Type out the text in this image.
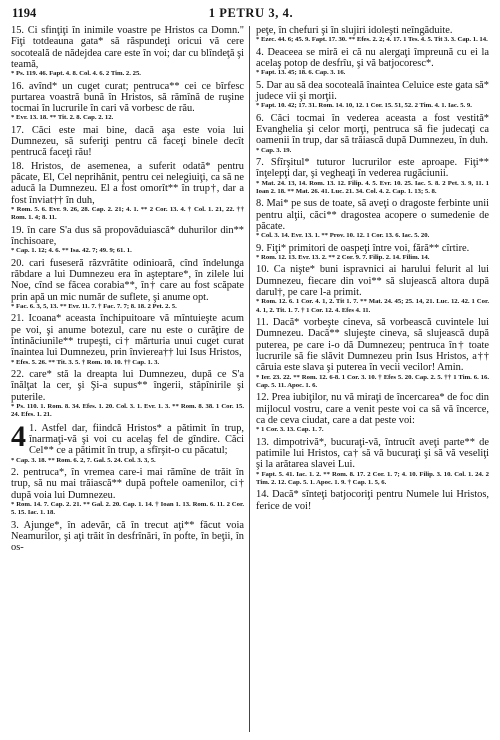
1194	1 PETRU 3, 4.
15. Ci sfinţiţi în inimile voastre pe Hristos ca Domn." Fiţi totdeauna gata* să răspundeţi oricui vă cere socoteală de nădejdea care este în voi; dar cu blîndeţă şi teamă,
* Ps. 119. 46. Fapt. 4. 8. Col. 4. 6. 2 Tim. 2. 25.
16. avînd* un cuget curat; pentruca** cei ce bîrfesc purtarea voastră bună în Hristos, să rămînă de ruşine tocmai în lucrurile în cari vă vorbesc de rău.
* Evr. 13. 18. ** Tit. 2. 8. Cap. 2. 12.
17. Căci este mai bine, dacă aşa este voia lui Dumnezeu, să suferiţi pentru că faceţi binele decît pentrucă faceţi rău!
18. Hristos, de asemenea, a suferit odată* pentru păcate, El, Cel neprihănit, pentru cei nelegiuiţi, ca să ne aducă la Dumnezeu. El a fost omorît** în trup†, dar a fost înviat†† în duh,
* Rom. 5. 6. Evr. 9. 26, 28. Cap. 2. 21; 4. 1. ** 2 Cor. 13. 4. † Col. 1. 21, 22. †† Rom. 1. 4; 8. 11.
19. în care S'a dus să propovăduiască* duhurilor din** închisoare,
* Cap. 1. 12; 4. 6. ** Isa. 42. 7; 49. 9; 61. 1.
20. cari fuseseră răzvrătite odinioară, cînd îndelunga răbdare a lui Dumnezeu era în aşteptare*, în zilele lui Noe, cînd se făcea corabia**, în† care au fost scăpate prin apă un mic număr de suflete, şi anume opt.
* Fac. 6. 3, 5, 13. ** Evr. 11. 7. † Fac. 7. 7; 8. 18. 2 Pet. 2. 5.
21. Icoana* aceasta închipuitoare vă mîntuieşte acum pe voi, şi anume botezul, care nu este o curăţire de întinăciunile** trupeşti, ci† mărturia unui cuget curat înaintea lui Dumnezeu, prin învierea†† lui Isus Hristos,
* Efes. 5. 26. ** Tit. 3. 5. † Rom. 10. 10. †† Cap. 1. 3.
22. care* stă la dreapta lui Dumnezeu, după ce S'a înălţat la cer, şi Şi-a supus** îngerii, stăpînirile şi puterile.
* Ps. 110. 1. Rom. 8. 34. Efes. 1. 20. Col. 3. 1. Evr. 1. 3. ** Rom. 8. 38. 1 Cor. 15. 24. Efes. 1. 21.
4 1. Astfel dar, fiindcă Hristos* a pătimit în trup, înarmaţi-vă şi voi cu acelaş fel de gîndire. Căci Cel** ce a pătimit în trup, a sfîrşit-o cu păcatul;
* Cap. 3. 18. ** Rom. 6. 2, 7. Gal. 5. 24. Col. 3. 3, 5.
2. pentruca*, în vremea care-i mai rămîne de trăit în trup, să nu mai trăiască** după poftele oamenilor, ci† după voia lui Dumnezeu.
* Rom. 14. 7. Cap. 2. 21. ** Gal. 2. 20. Cap. 1. 14. † Ioan 1. 13. Rom. 6. 11. 2 Cor. 5. 15. Iac. 1. 18.
3. Ajunge*, în adevăr, că în trecut aţi** făcut voia Neamurilor, şi aţi trăit în desfrînări, în pofte, în beţii, în os-
peţe, în chefuri şi în slujiri idoleşti neîngăduite.
* Ezec. 44. 6; 45. 9. Fapt. 17. 30. ** Efes. 2. 2; 4. 17. 1 Tes. 4. 5. Tit 3. 3. Cap. 1. 14.
4. Deaceea se miră ei că nu alergaţi împreună cu ei la acelaş potop de desfrîu, şi vă batjocoresc*.
* Fapt. 13. 45; 18. 6. Cap. 3. 16.
5. Dar au să dea socoteală înaintea Celuice este gata să* judece vii şi morţii.
* Fapt. 10. 42; 17. 31. Rom. 14. 10, 12. 1 Cor. 15. 51, 52. 2 Tim. 4. 1. Iac. 5. 9.
6. Căci tocmai în vederea aceasta a fost vestită* Evanghelia şi celor morţi, pentruca să fie judecaţi ca oamenii în trup, dar să trăiască după Dumnezeu, în duh.
* Cap. 3. 19.
7. Sfîrşitul* tuturor lucrurilor este aproape. Fiţi** înţelepţi dar, şi vegheaţi în vederea rugăciunii.
* Mat. 24. 13, 14. Rom. 13. 12. Filip. 4. 5. Evr. 10. 25. Iac. 5. 8. 2 Pet. 3. 9, 11. 1 Ioan 2. 18. ** Mat. 26. 41. Luc. 21. 34. Col. 4. 2. Cap. 1. 13; 5. 8.
8. Mai* pe sus de toate, să aveţi o dragoste ferbinte unii pentru alţii, căci** dragostea acopere o sumedenie de păcate.
* Col. 3. 14. Evr. 13. 1. ** Prov. 10. 12. 1 Cor. 13. 6. Iac. 5. 20.
9. Fiţi* primitori de oaspeţi între voi, fără** cîrtire.
* Rom. 12. 13. Evr. 13. 2. ** 2 Cor. 9. 7. Filip. 2. 14. Filim. 14.
10. Ca nişte* buni ispravnici ai harului felurit al lui Dumnezeu, fiecare din voi** să slujească altora după darul†, pe care l-a primit.
* Rom. 12. 6. 1 Cor. 4. 1, 2. Tit 1. 7. ** Mat. 24. 45; 25. 14, 21. Luc. 12. 42. 1 Cor. 4. 1, 2. Tit. 1. 7. † 1 Cor. 12. 4. Efes 4. 11.
11. Dacă* vorbeşte cineva, să vorbească cuvintele lui Dumnezeu. Dacă** slujeşte cineva, să slujească după puterea, pe care i-o dă Dumnezeu; pentruca în† toate lucrurile să fie slăvit Dumnezeu prin Isus Hristos, a†† căruia este slava şi puterea în vecii vecilor! Amin.
* Ier. 23. 22. ** Rom. 12. 6-8. 1 Cor. 3. 10. † Efes 5. 20. Cap. 2. 5. †† 1 Tim. 6. 16. Cap. 5. 11. Apoc. 1. 6.
12. Prea iubiţilor, nu vă miraţi de încercarea* de foc din mijlocul vostru, care a venit peste voi ca să vă încerce, ca de ceva ciudat, care a dat peste voi:
* 1 Cor. 3. 13. Cap. 1. 7.
13. dimpotrivă*, bucuraţi-vă, întrucît aveţi parte** de patimile lui Hristos, ca† să vă bucuraţi şi să vă veseliţi şi la arătarea slavei Lui.
* Fapt. 5. 41. Iac. 1. 2. ** Rom. 8. 17. 2 Cor. 1. 7; 4. 10. Filip. 3. 10. Col. 1. 24. 2 Tim. 2. 12. Cap. 5. 1. Apoc. 1. 9. † Cap. 1. 5, 6.
14. Dacă* sînteţi batjocoriţi pentru Numele lui Hristos, ferice de voi!
